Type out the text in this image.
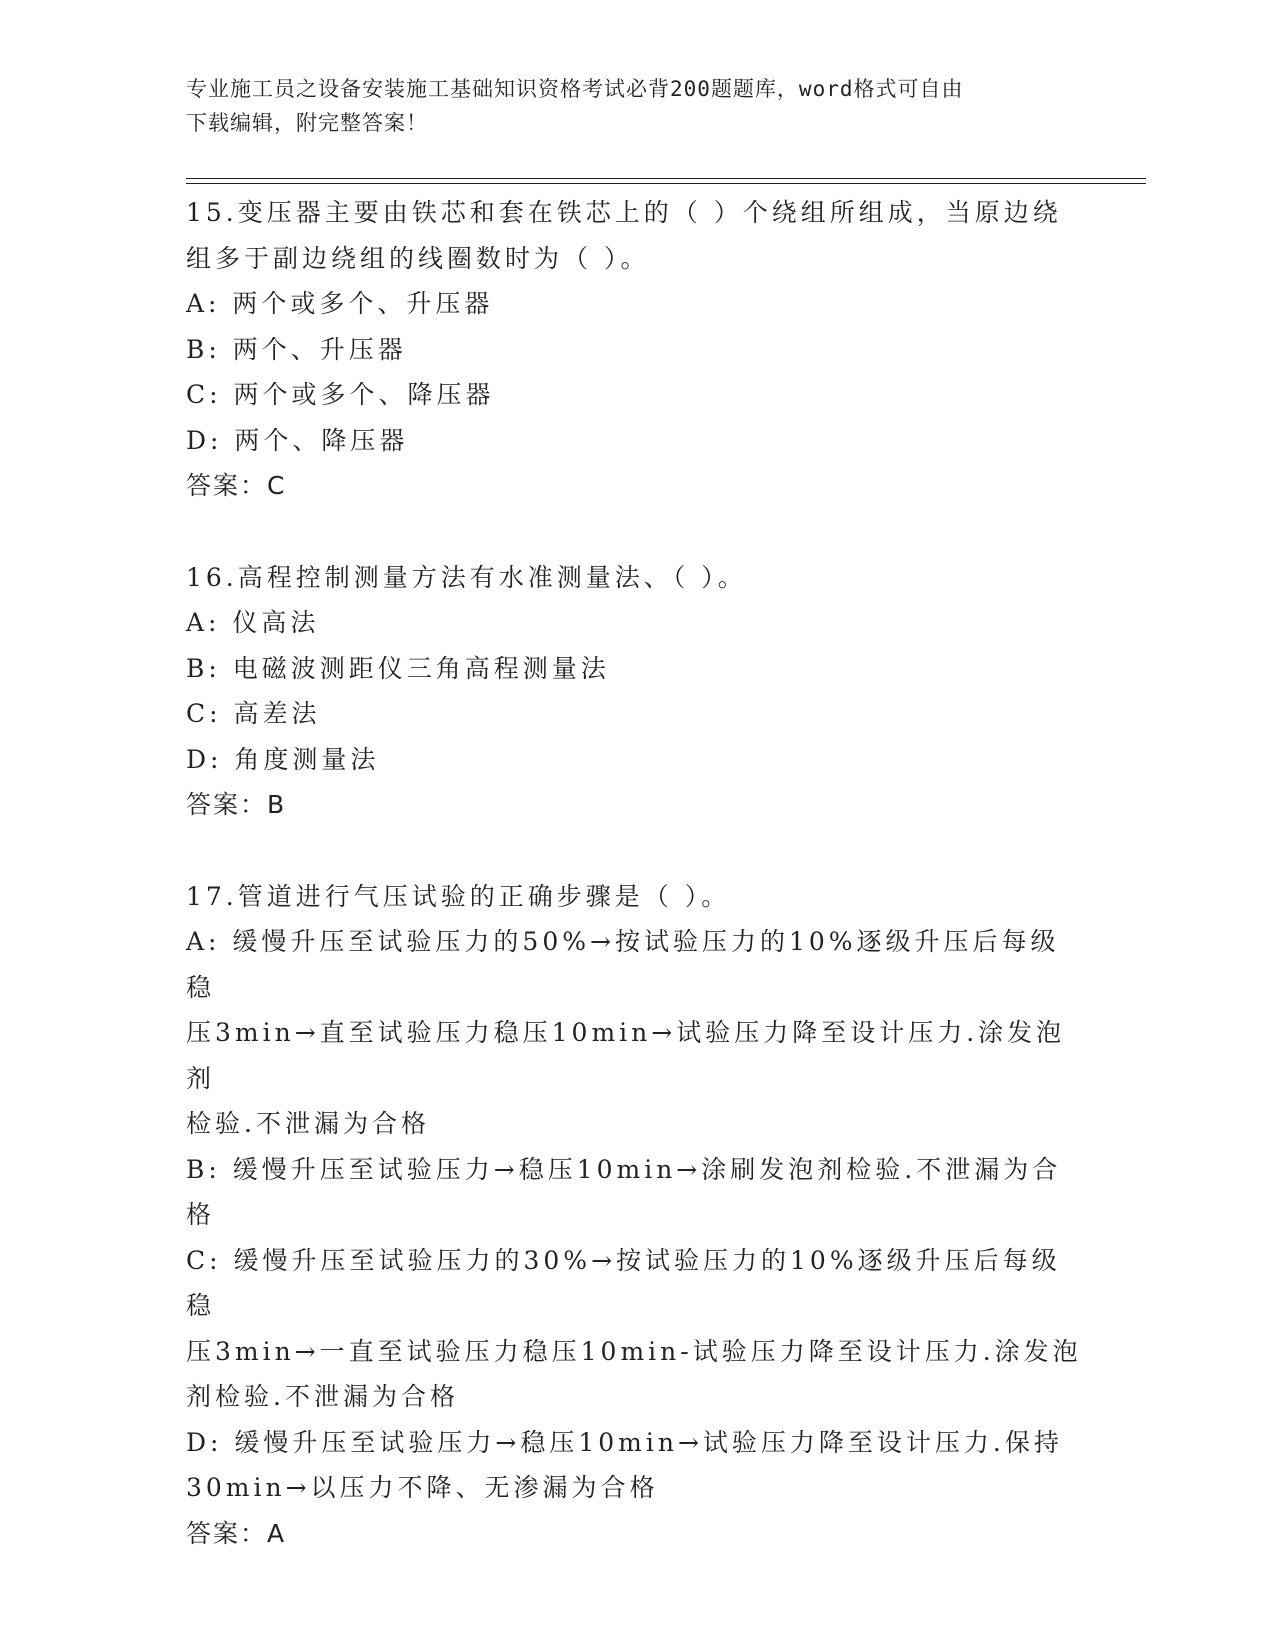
专业施工员之设备安装施工基础知识资格考试必背200题题库，word格式可自由
下载编辑，附完整答案！

15.变压器主要由铁芯和套在铁芯上的（ ）个绕组所组成，当原边绕

组多于副边绕组的线圈数时为（ ）。

A: 两个或多个、升压器

B: 两个、升压器

C: 两个或多个、降压器

D: 两个、降压器

答案：C

16.高程控制测量方法有水准测量法、（ ）。

A: 仪高法

B: 电磁波测距仪三角高程测量法

C: 高差法

D: 角度测量法

答案：B

17.管道进行气压试验的正确步骤是（ ）。

A: 缓慢升压至试验压力的50%→按试验压力的10%逐级升压后每级稳

压3min→直至试验压力稳压10min→试验压力降至设计压力.涂发泡剂

检验.不泄漏为合格

B: 缓慢升压至试验压力→稳压10min→涂刷发泡剂检验.不泄漏为合格

C: 缓慢升压至试验压力的30%→按试验压力的10%逐级升压后每级稳

压3min→一直至试验压力稳压10min-试验压力降至设计压力.涂发泡

剂检验.不泄漏为合格

D: 缓慢升压至试验压力→稳压10min→试验压力降至设计压力.保持

30min→以压力不降、无渗漏为合格

答案：A
